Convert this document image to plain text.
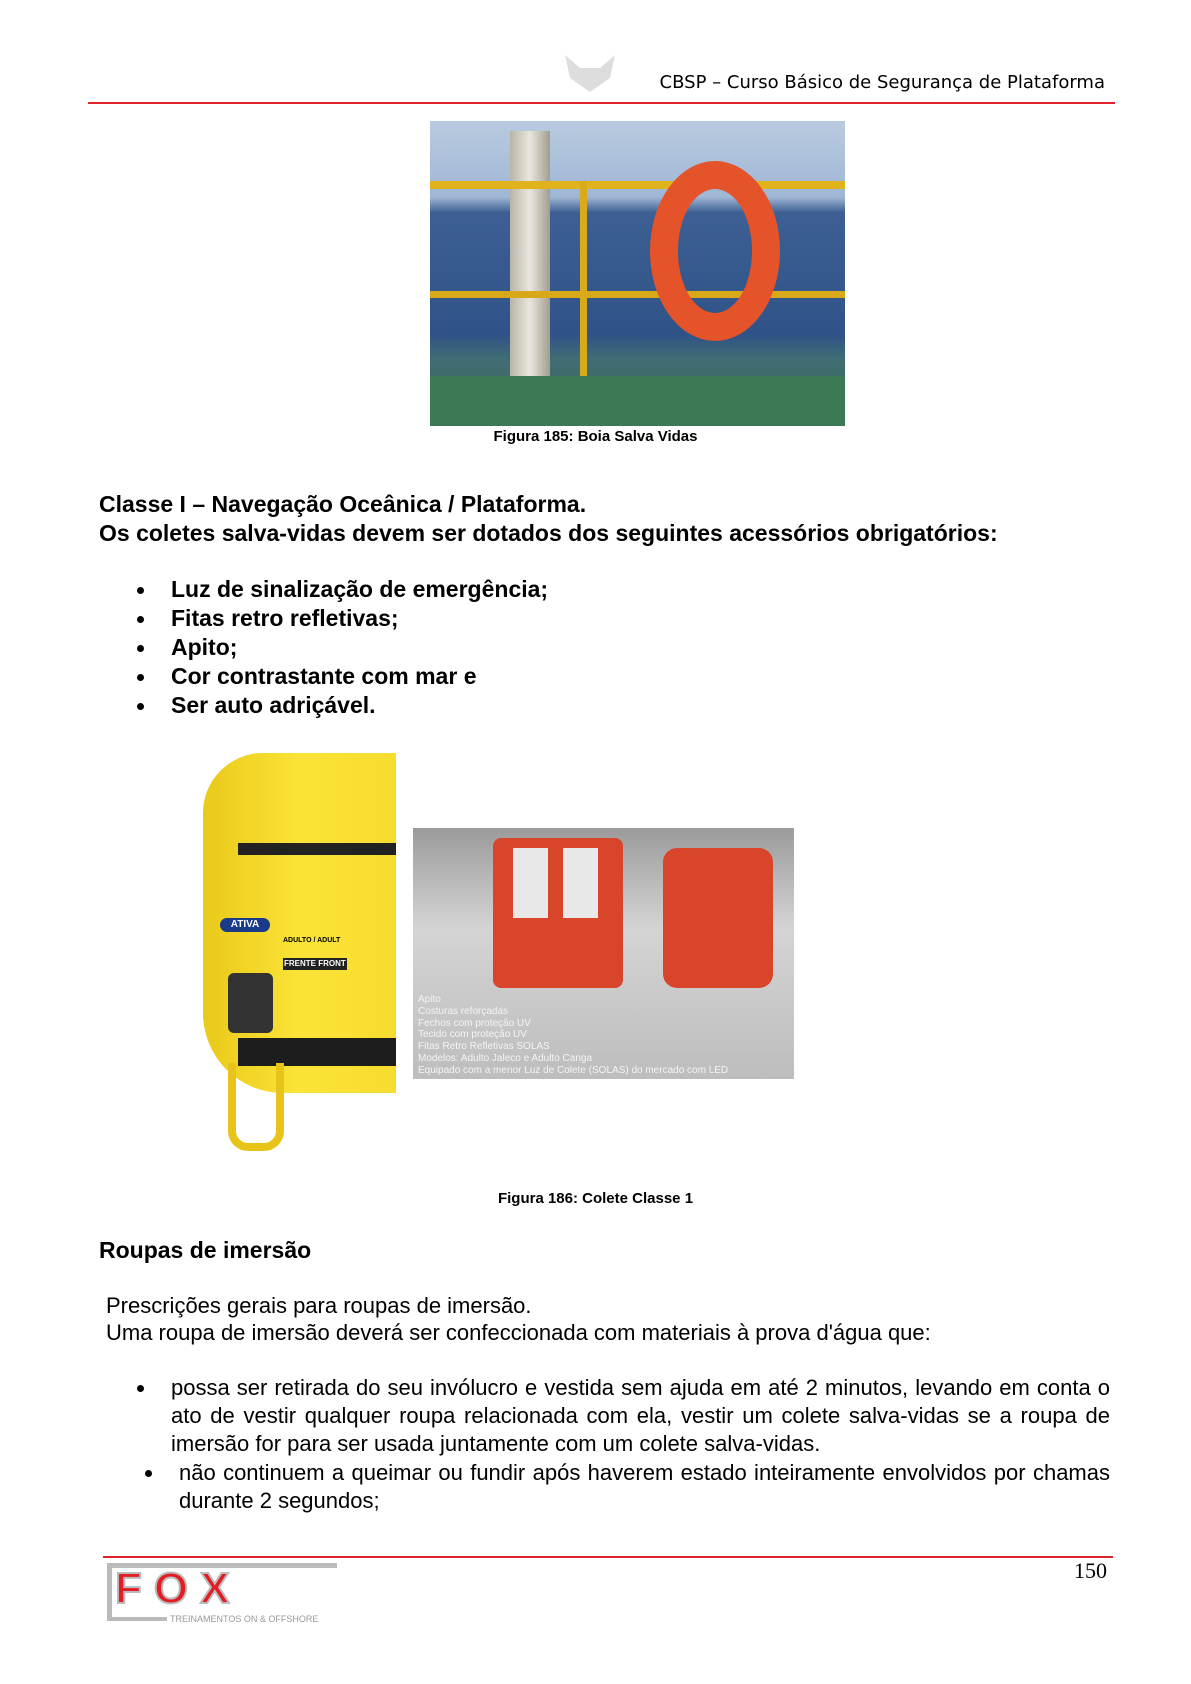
CBSP – Curso Básico de Segurança de Plataforma
Figura 185: Boia Salva Vidas
Classe I – Navegação Oceânica / Plataforma.
Os coletes salva-vidas devem ser dotados dos seguintes acessórios obrigatórios:
Luz de sinalização de emergência;
Fitas retro refletivas;
Apito;
Cor contrastante com mar e
Ser auto adriçável.
ATIVA
ADULTO / ADULT
FRENTE FRONT
Apito
Costuras reforçadas
Fechos com proteção UV
Tecido com proteção UV
Fitas Retro Refletivas SOLAS
Modelos: Adulto Jaleco e Adulto Canga
Equipado com a menor Luz de Colete (SOLAS) do mercado com LED
Figura 186: Colete Classe 1
Roupas de imersão
Prescrições gerais para roupas de imersão.
Uma roupa de imersão deverá ser confeccionada com materiais à prova d'água que:
possa ser retirada do seu invólucro e vestida sem ajuda em até 2 minutos, levando em conta o ato de vestir qualquer roupa relacionada com ela, vestir um colete salva-vidas se a roupa de imersão for para ser usada juntamente com um colete salva-vidas.
não continuem a queimar ou fundir após haverem estado inteiramente envolvidos por chamas durante 2 segundos;
FOX
TREINAMENTOS ON & OFFSHORE
150
